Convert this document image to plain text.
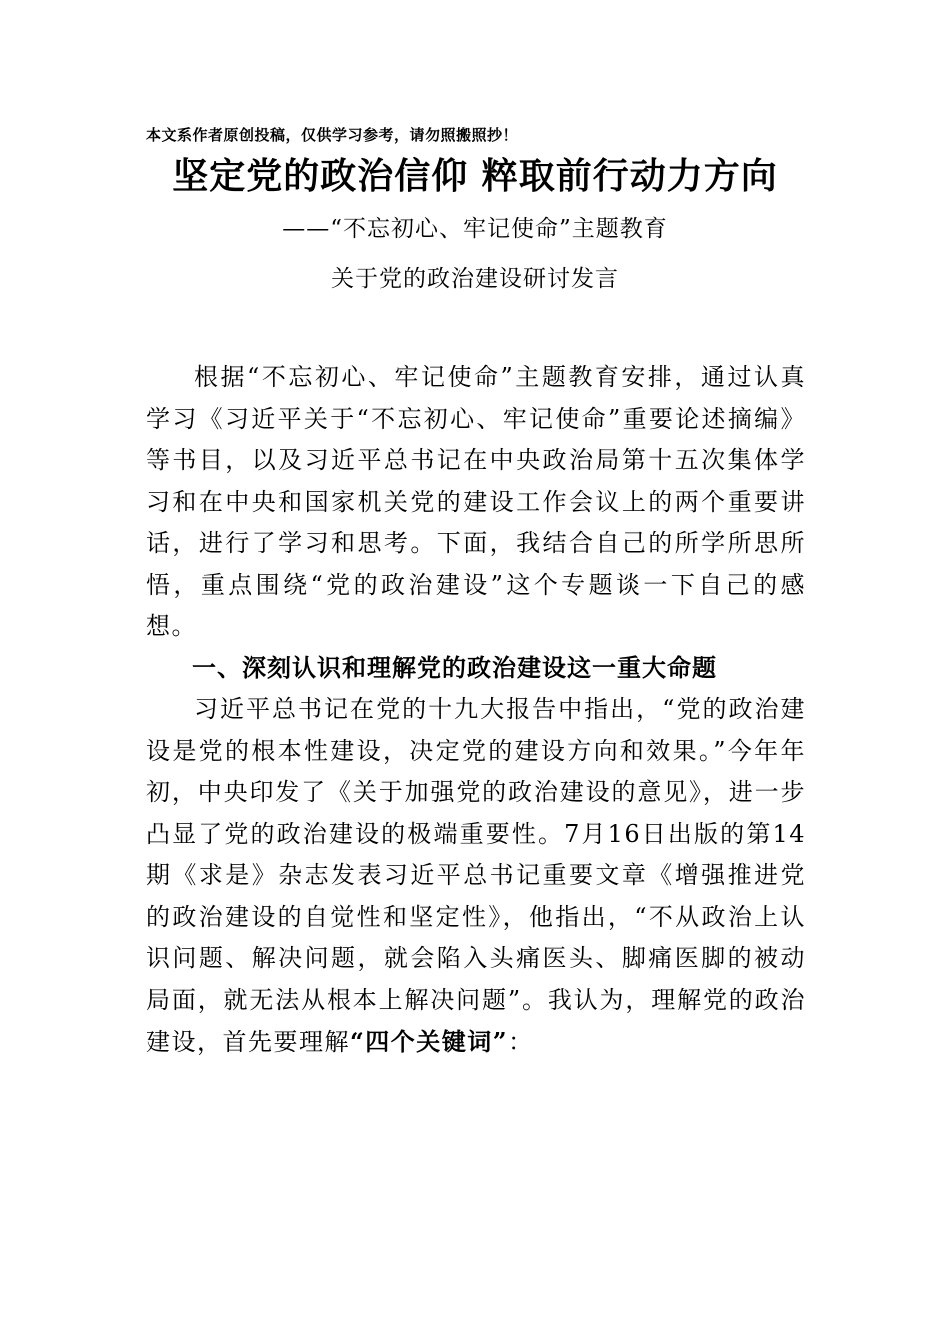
本文系作者原创投稿，仅供学习参考，请勿照搬照抄！
坚定党的政治信仰 粹取前行动力方向
——“不忘初心、牢记使命”主题教育
关于党的政治建设研讨发言

根据“不忘初心、牢记使命”主题教育安排，通过认真学习《习近平关于“不忘初心、牢记使命”重要论述摘编》等书目，以及习近平总书记在中央政治局第十五次集体学习和在中央和国家机关党的建设工作会议上的两个重要讲话，进行了学习和思考。下面，我结合自己的所学所思所悟，重点围绕“党的政治建设”这个专题谈一下自己的感想。

一、深刻认识和理解党的政治建设这一重大命题

习近平总书记在党的十九大报告中指出，“党的政治建设是党的根本性建设，决定党的建设方向和效果。”今年年初，中央印发了《关于加强党的政治建设的意见》，进一步凸显了党的政治建设的极端重要性。7月16日出版的第14期《求是》杂志发表习近平总书记重要文章《增强推进党的政治建设的自觉性和坚定性》，他指出，“不从政治上认识问题、解决问题，就会陷入头痛医头、脚痛医脚的被动局面，就无法从根本上解决问题”。我认为，理解党的政治建设，首先要理解“四个关键词”：
